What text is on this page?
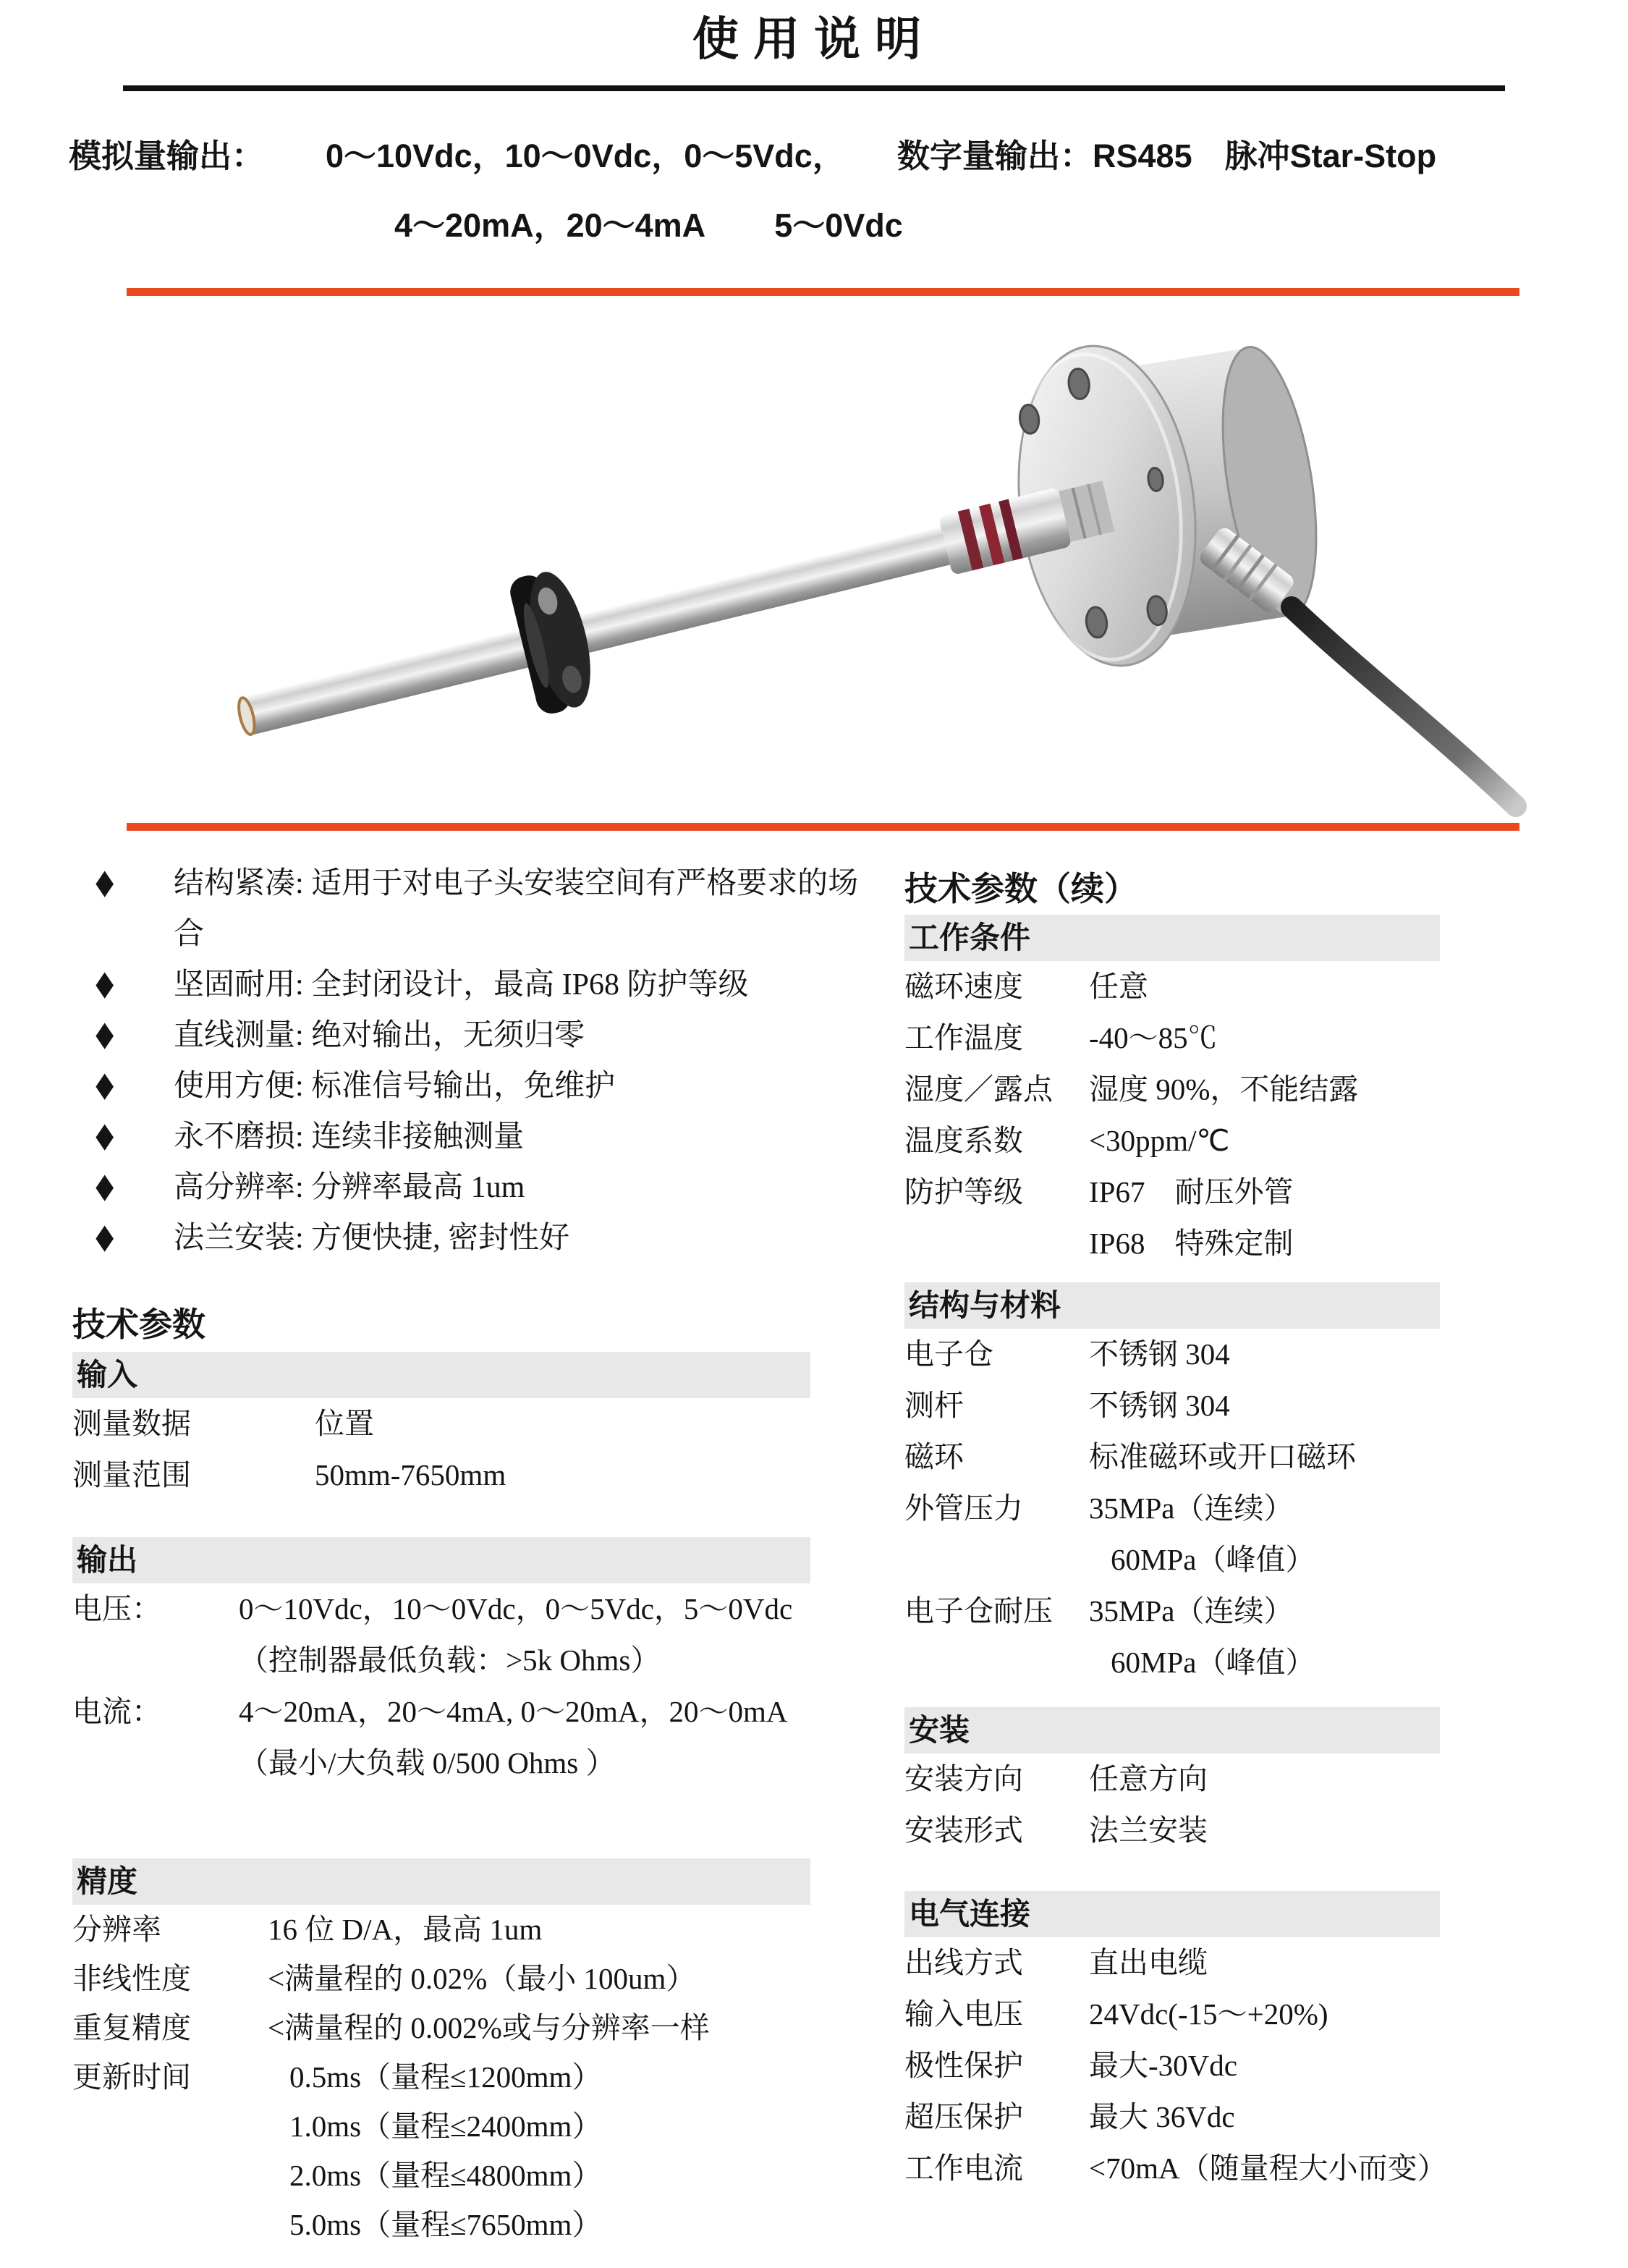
使用说明
模拟量输出：	0～10Vdc，10～0Vdc，0～5Vdc，	数字量输出：RS485　脉冲Star-Stop
4～20mA，20～4mA 5～0Vdc
◆ 结构紧凑: 适用于对电子头安装空间有严格要求的场合
◆ 坚固耐用: 全封闭设计，最高 IP68 防护等级
◆ 直线测量: 绝对输出，无须归零
◆ 使用方便: 标准信号输出，免维护
◆ 永不磨损: 连续非接触测量
◆ 高分辨率: 分辨率最高 1um
◆ 法兰安装: 方便快捷, 密封性好
技术参数
输入
测量数据	位置
测量范围	50mm-7650mm
输出
电压：	0～10Vdc，10～0Vdc，0～5Vdc，5～0Vdc
（控制器最低负载：>5k Ohms）
电流：	4～20mA，20～4mA, 0～20mA，20～0mA
（最小/大负载 0/500 Ohms ）
精度
分辨率	16 位 D/A，最高 1um
非线性度	<满量程的 0.02%（最小 100um）
重复精度	<满量程的 0.002%或与分辨率一样
更新时间	0.5ms（量程≤1200mm）
1.0ms（量程≤2400mm）
2.0ms（量程≤4800mm）
5.0ms（量程≤7650mm）
技术参数（续）
工作条件
磁环速度	任意
工作温度	-40～85℃
湿度／露点	湿度 90%，不能结露
温度系数	<30ppm/℃
防护等级	IP67　耐压外管
IP68　特殊定制
结构与材料
电子仓	不锈钢 304
测杆	不锈钢 304
磁环	标准磁环或开口磁环
外管压力	35MPa（连续）
60MPa（峰值）
电子仓耐压	35MPa（连续）
60MPa（峰值）
安装
安装方向	任意方向
安装形式	法兰安装
电气连接
出线方式	直出电缆
输入电压	24Vdc(-15～+20%)
极性保护	最大-30Vdc
超压保护	最大 36Vdc
工作电流	<70mA（随量程大小而变）
